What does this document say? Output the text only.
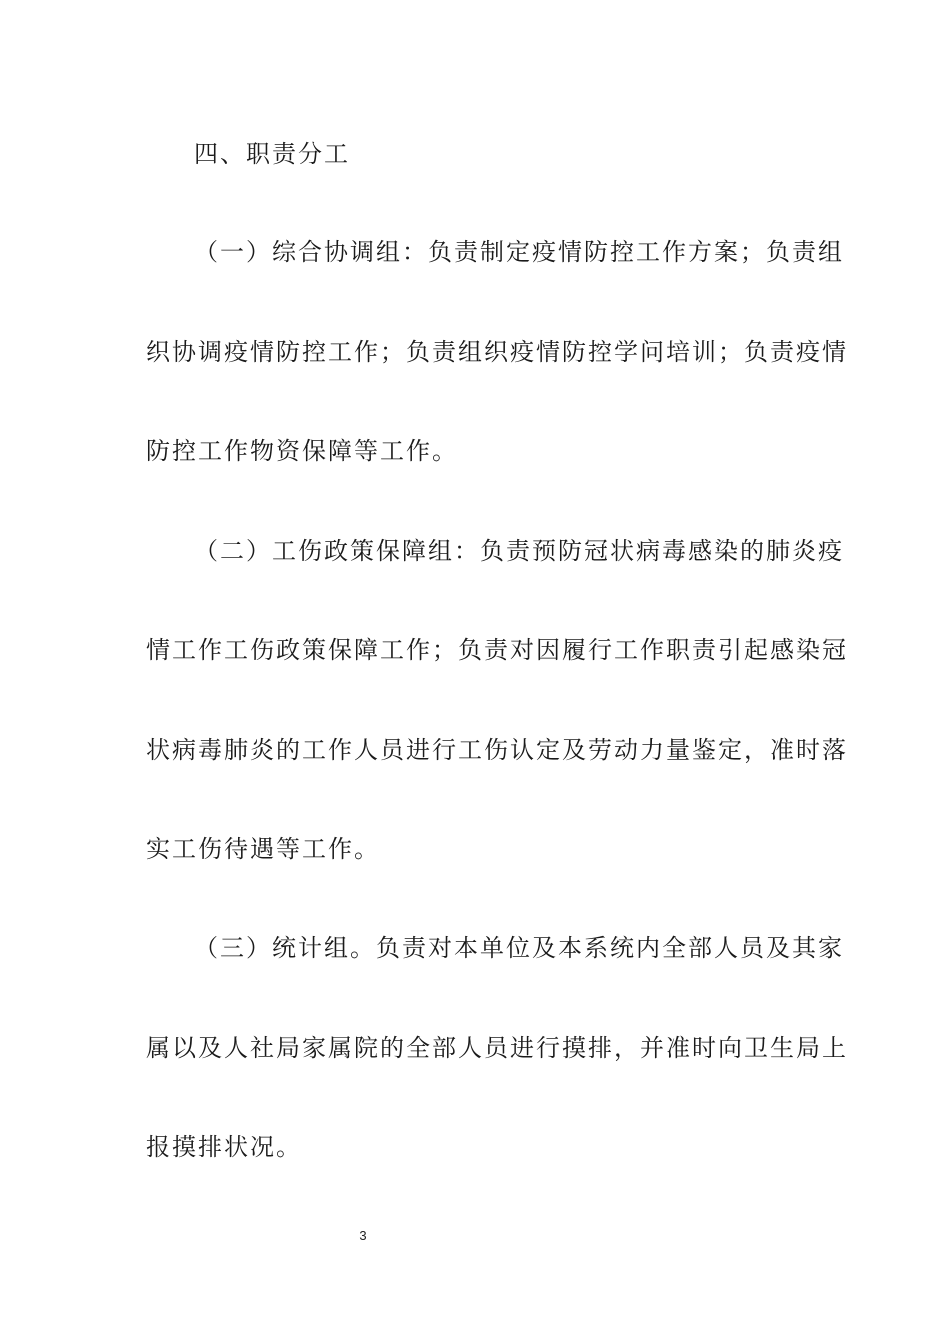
四、职责分工
（一）综合协调组：负责制定疫情防控工作方案；负责组
织协调疫情防控工作；负责组织疫情防控学问培训；负责疫情
防控工作物资保障等工作。
（二）工伤政策保障组：负责预防冠状病毒感染的肺炎疫
情工作工伤政策保障工作；负责对因履行工作职责引起感染冠
状病毒肺炎的工作人员进行工伤认定及劳动力量鉴定，准时落
实工伤待遇等工作。
（三）统计组。负责对本单位及本系统内全部人员及其家
属以及人社局家属院的全部人员进行摸排，并准时向卫生局上
报摸排状况。
3
